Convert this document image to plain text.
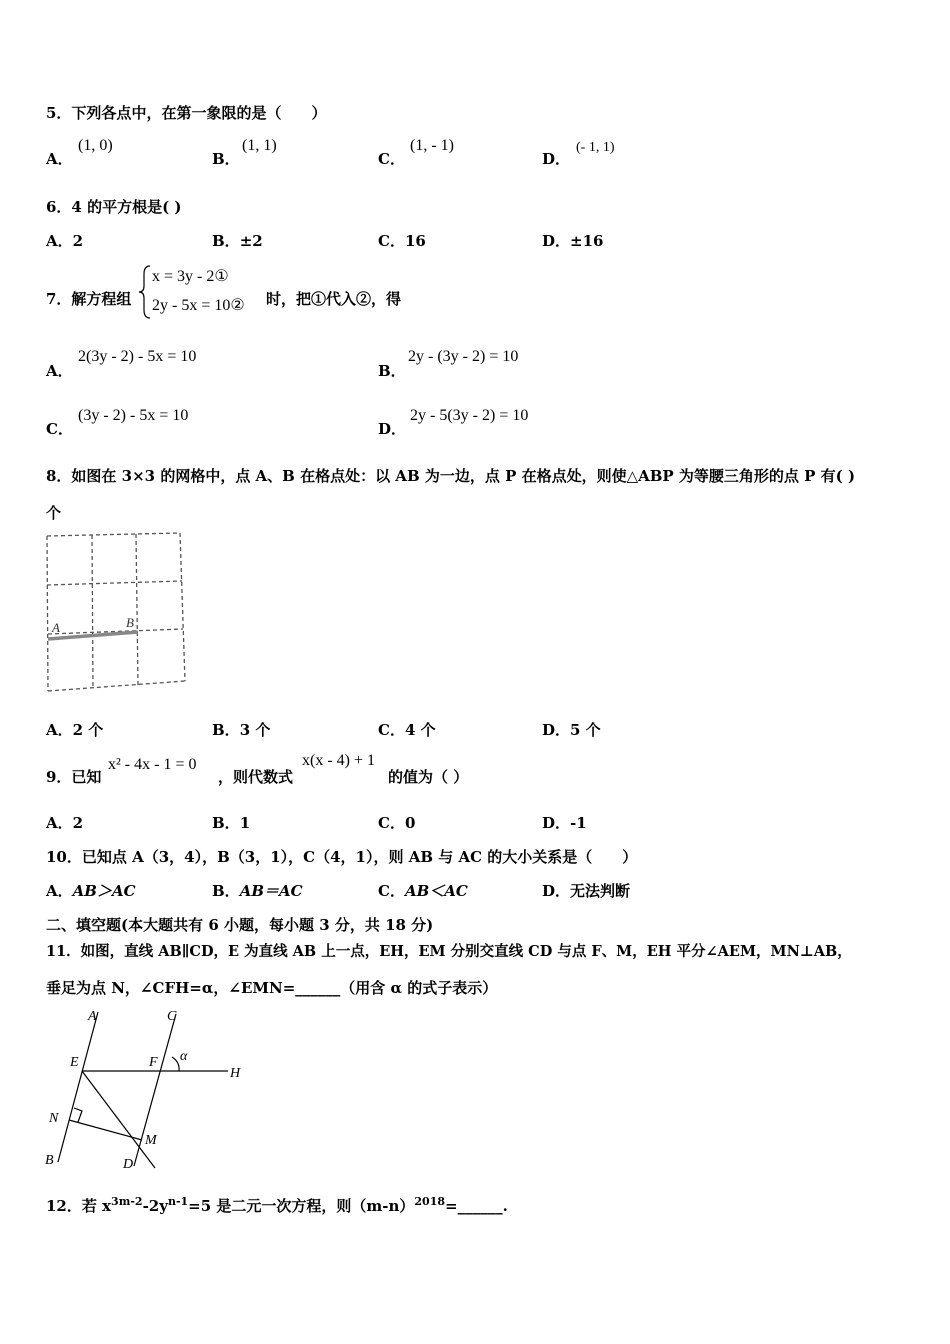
5．下列各点中，在第一象限的是（　　）
A．
(1, 0)
B．
(1, 1)
C．
(1, - 1)
D．
(- 1, 1)
6．4 的平方根是( )
A．2	B．±2	C．16	D．±16
7．解方程组
x = 3y - 2①
2y - 5x = 10② 时，把①代入②，得
A．
2(3y - 2) - 5x = 10
B．
2y - (3y - 2) = 10
C．
(3y - 2) - 5x = 10
D．
2y - 5(3y - 2) = 10
8．如图在 3×3 的网格中，点 A、B 在格点处：以 AB 为一边，点 P 在格点处，则使△ABP 为等腰三角形的点 P 有( )
个
A	B
A．2 个	B．3 个	C．4 个	D．5 个
9．已知
x² - 4x - 1 = 0
，则代数式
x(x - 4) + 1
的值为（ ）
A．2	B．1	C．0	D．-1
10．已知点 A（3，4），B（3，1），C（4，1），则 AB 与 AC 的大小关系是（　　）
A．AB＞AC	B．AB＝AC	C．AB＜AC	D．无法判断
二、填空题(本大题共有 6 小题，每小题 3 分，共 18 分)
11．如图，直线 AB∥CD，E 为直线 AB 上一点，EH，EM 分别交直线 CD 与点 F、M，EH 平分∠AEM，MN⊥AB，
垂足为点 N，∠CFH=α，∠EMN=______（用含 α 的式子表示）
A	C
E	F α
H
N
M
B	D
12．若 $x^{3m-2}-2y^{n-1}=5$ 是二元一次方程，则$(m-n)^{2018}=\_\_\_\_\_\_$.
